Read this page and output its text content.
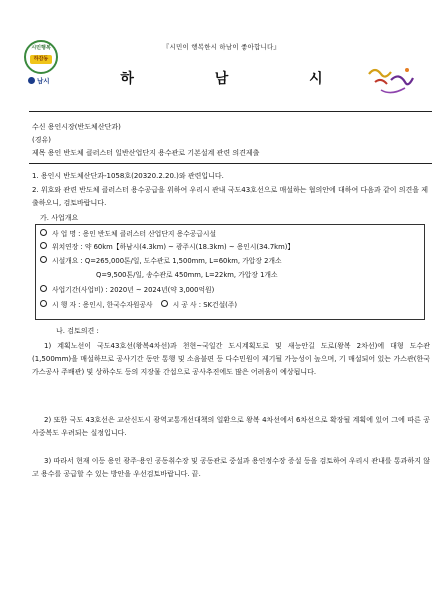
『시민이 행복한시 하남이 좋아합니다』
시민행복
하감동
남시	하 남 시
수신 용인시장(반도체산단과)
(경유)
제목 용인 반도체 클러스터 일반산업단지 용수관로 기본설계 관련 의견제출
1. 용인시 반도체산단과-1058호(20320.2.20.)와 관련입니다.
2. 위호와 관련 반도체 클러스터 용수공급을 위하여 우리시 관내 국도43호선으로 매설하는 협의안에 대하여 다음과 같이 의견을 제출하오니, 검토바랍니다.
가. 사업개요
사 업 명 : 용인 반도체 클러스터 산업단지 용수공급시설
위치연장 : 약 60km【하남시(4.3km) ~ 광주시(18.3km) ~ 용인시(34.7km)】
시설개요 : Q=265,000톤/일, 도수관로 1,500mm, L=60km, 가압장 2개소
Q=9,500톤/일, 송수관로 450mm, L=22km, 가압장 1개소
사업기간(사업비) : 2020년 ~ 2024년(약 3,000억원)
시 행 자 : 용인시, 한국수자원공사	시 공 사 : SK건설(주)
나. 검토의견 :
1) 계획노선이 국도43호선(왕복4차선)과 천현~국일간 도시계획도로 및 새능안길 도로(왕복 2차선)에 대형 도수관(1,500mm)을 매설하므로 공사기간 동안 통행 및 소음불편 등 다수민원이 제기될 가능성이 높으며, 기 매설되어 있는 가스관(한국가스공사 주배관) 및 상하수도 등의 지장물 간섭으로 공사추진에도 많은 어려움이 예상됩니다.
2) 또한 국도 43호선은 교산신도시 광역교통개선대책의 일환으로 왕복 4차선에서 6차선으로 확장될 계획에 있어 그에 따른 공사중복도 우려되는 실정입니다.
3) 따라서 현재 이등 용인 광주·용인 공동취수장 및 공동관로 중설과 용인정수장 증설 등을 검토하여 우리시 관내를 통과하지 않고 용수를 공급할 수 있는 방안을 우선검토바랍니다. 끝.
